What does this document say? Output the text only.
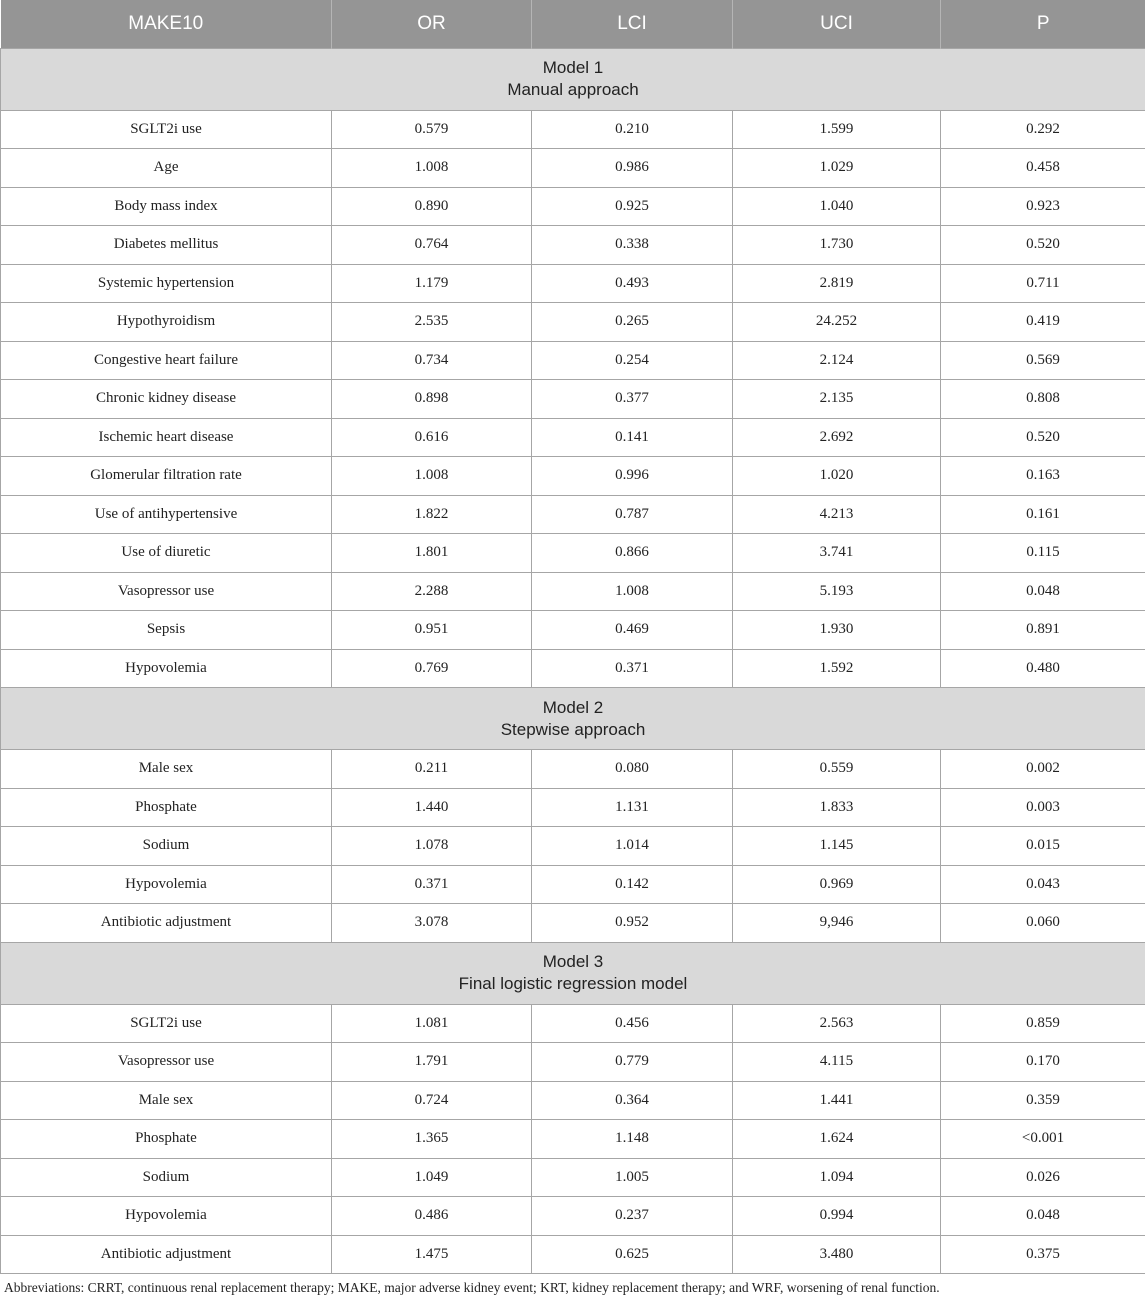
MAKE10	OR	LCI	UCI	P

Model 1
Manual approach				

SGLT2i use	0.579	0.210	1.599	0.292
Age	1.008	0.986	1.029	0.458
Body mass index	0.890	0.925	1.040	0.923
Diabetes mellitus	0.764	0.338	1.730	0.520
Systemic hypertension	1.179	0.493	2.819	0.711
Hypothyroidism	2.535	0.265	24.252	0.419
Congestive heart failure	0.734	0.254	2.124	0.569
Chronic kidney disease	0.898	0.377	2.135	0.808
Ischemic heart disease	0.616	0.141	2.692	0.520
Glomerular filtration rate	1.008	0.996	1.020	0.163
Use of antihypertensive	1.822	0.787	4.213	0.161
Use of diuretic	1.801	0.866	3.741	0.115
Vasopressor use	2.288	1.008	5.193	0.048
Sepsis	0.951	0.469	1.930	0.891
Hypovolemia	0.769	0.371	1.592	0.480

Model 2
Stepwise approach				

Male sex	0.211	0.080	0.559	0.002
Phosphate	1.440	1.131	1.833	0.003
Sodium	1.078	1.014	1.145	0.015
Hypovolemia	0.371	0.142	0.969	0.043
Antibiotic adjustment	3.078	0.952	9,946	0.060

Model 3
Final logistic regression model				

SGLT2i use	1.081	0.456	2.563	0.859
Vasopressor use	1.791	0.779	4.115	0.170
Male sex	0.724	0.364	1.441	0.359
Phosphate	1.365	1.148	1.624	<0.001
Sodium	1.049	1.005	1.094	0.026
Hypovolemia	0.486	0.237	0.994	0.048
Antibiotic adjustment	1.475	0.625	3.480	0.375
Abbreviations: CRRT, continuous renal replacement therapy; MAKE, major adverse kidney event; KRT, kidney replacement therapy; and WRF, worsening of renal function.
